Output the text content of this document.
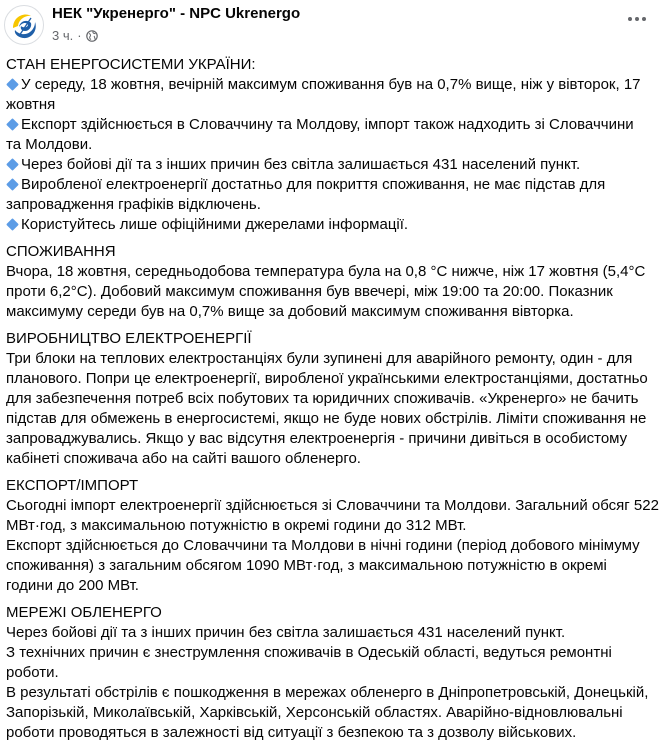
НЕК "Укренерго" - NPC Ukrenergo
3 ч. ·
СТАН ЕНЕРГОСИСТЕМИ УКРАЇНИ:
У середу, 18 жовтня, вечірній максимум споживання був на 0,7% вище, ніж у вівторок, 17
жовтня
Експорт здійснюється в Словаччину та Молдову, імпорт також надходить зі Словаччини
та Молдови.
Через бойові дії та з інших причин без світла залишається 431 населений пункт.
Виробленої електроенергії достатньо для покриття споживання, не має підстав для
запровадження графіків відключень.
Користуйтесь лише офіційними джерелами інформації.
СПОЖИВАННЯ
Вчора, 18 жовтня, середньодобова температура була на 0,8 °C нижче, ніж 17 жовтня (5,4°C
проти 6,2°C). Добовий максимум споживання був ввечері, між 19:00 та 20:00. Показник
максимуму середи був на 0,7% вище за добовий максимум споживання вівторка.
ВИРОБНИЦТВО ЕЛЕКТРОЕНЕРГІЇ
Три блоки на теплових електростанціях були зупинені для аварійного ремонту, один - для
планового. Попри це електроенергії, виробленої українськими електростанціями, достатньо
для забезпечення потреб всіх побутових та юридичних споживачів. «Укренерго» не бачить
підстав для обмежень в енергосистемі, якщо не буде нових обстрілів. Ліміти споживання не
запроваджувались. Якщо у вас відсутня електроенергія - причини дивіться в особистому
кабінеті споживача або на сайті вашого обленерго.
ЕКСПОРТ/ІМПОРТ
Сьогодні імпорт електроенергії здійснюється зі Словаччини та Молдови. Загальний обсяг 522
МВт·год, з максимальною потужністю в окремі години до 312 МВт.
Експорт здійснюється до Словаччини та Молдови в нічні години (період добового мінімуму
споживання) з загальним обсягом 1090 МВт·год, з максимальною потужністю в окремі
години до 200 МВт.
МЕРЕЖІ ОБЛЕНЕРГО
Через бойові дії та з інших причин без світла залишається 431 населений пункт.
З технічних причин є знеструмлення споживачів в Одеській області, ведуться ремонтні
роботи.
В результаті обстрілів є пошкодження в мережах обленерго в Дніпропетровській, Донецькій,
Запорізькій, Миколаївській, Харківській, Херсонській областях. Аварійно-відновлювальні
роботи проводяться в залежності від ситуації з безпекою та з дозволу військових.
